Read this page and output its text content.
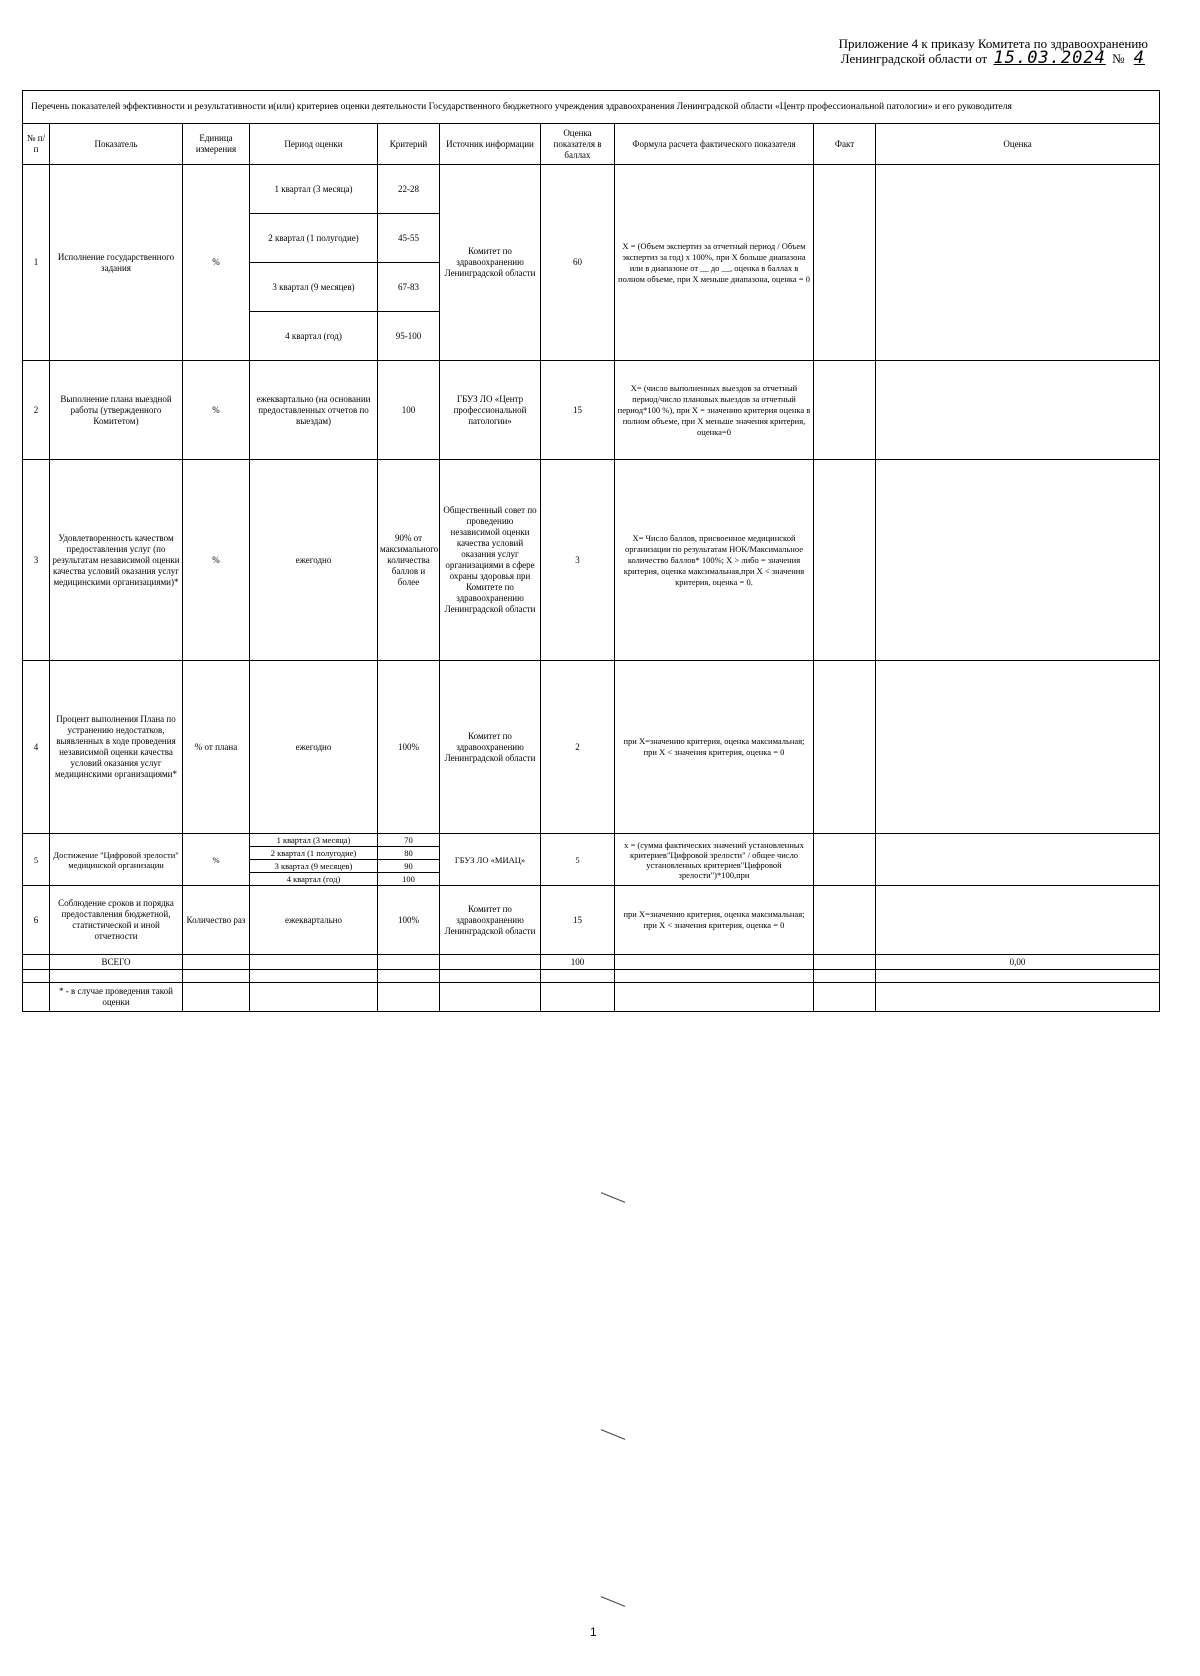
Приложение 4 к приказу Комитета по здравоохранению
Ленинградской области от 15.03.2024 № 4
Перечень показателей эффективности и результативности и(или) критериев оценки деятельности Государственного бюджетного учреждения здравоохранения Ленинградской области «Центр профессиональной патологии» и его руководителя									
№ п/п	Показатель	Единица измерения	Период оценки	Критерий	Источник информации	Оценка показателя в баллах	Формула расчета фактического показателя	Факт	Оценка
1	Исполнение государственного задания	%	1 квартал (3 месяца)	22-28	Комитет по здравоохранению Ленинградской области	60	Х = (Объем экспертиз за отчетный период / Объем экспертиз за год) х 100%, при Х больше диапазона или в диапазоне от __ до __, оценка в баллах в полном объеме, при Х меньше диапазона, оценка = 0		
			2 квартал (1 полугодие)	45-55					
			3 квартал (9 месяцев)	67-83					
			4 квартал (год)	95-100					
2	Выполнение плана выездной работы (утвержденного Комитетом)	%	ежеквартально (на основании предоставленных отчетов по выездам)	100	ГБУЗ ЛО «Центр профессиональной патологии»	15	Х= (число выполненных выездов за отчетный период/число плановых выездов за отчетный период*100 %), при Х = значению критерия оценка в полном объеме, при Х меньше значения критерия, оценка=0		
3	Удовлетворенность качеством предоставления услуг (по результатам независимой оценки качества условий оказания услуг медицинскими организациями)*	%	ежегодно	90% от максимального количества баллов и более	Общественный совет по проведению независимой оценки качества условий оказания услуг организациями в сфере охраны здоровья при Комитете по здравоохранению Ленинградской области	3	Х= Число баллов, присвоенное медицинской организации по результатам НОК/Максимальное количество баллов* 100%; Х > либо = значения критерия, оценка максимальная,при Х < значения критерия, оценка = 0.		
4	Процент выполнения Плана по устранению недостатков, выявленных в ходе проведения независимой оценки качества условий оказания услуг медицинскими организациями*	% от плана	ежегодно	100%	Комитет по здравоохранению Ленинградской области	2	при Х=значению критерия, оценка максимальная; при Х < значения критерия, оценка = 0		
5	Достижение "Цифровой зрелости" медицинской организации	%	1 квартал (3 месяца)	70	ГБУЗ ЛО «МИАЦ»	5	х = (сумма фактических значений установленных критериев"Цифровой зрелости" / общее число установленных критериев"Цифровой зрелости")*100,при		
			2 квартал (1 полугодие)	80					
			3 квартал (9 месяцев)	90					
			4 квартал (год)	100					
6	Соблюдение сроков и порядка предоставления бюджетной, статистической и иной отчетности	Количество раз	ежеквартально	100%	Комитет по здравоохранению Ленинградской области	15	при Х=значению критерия, оценка максимальная; при Х < значения критерия, оценка = 0		
	ВСЕГО					100			0,00

	* - в случае проведения такой оценки								
1
